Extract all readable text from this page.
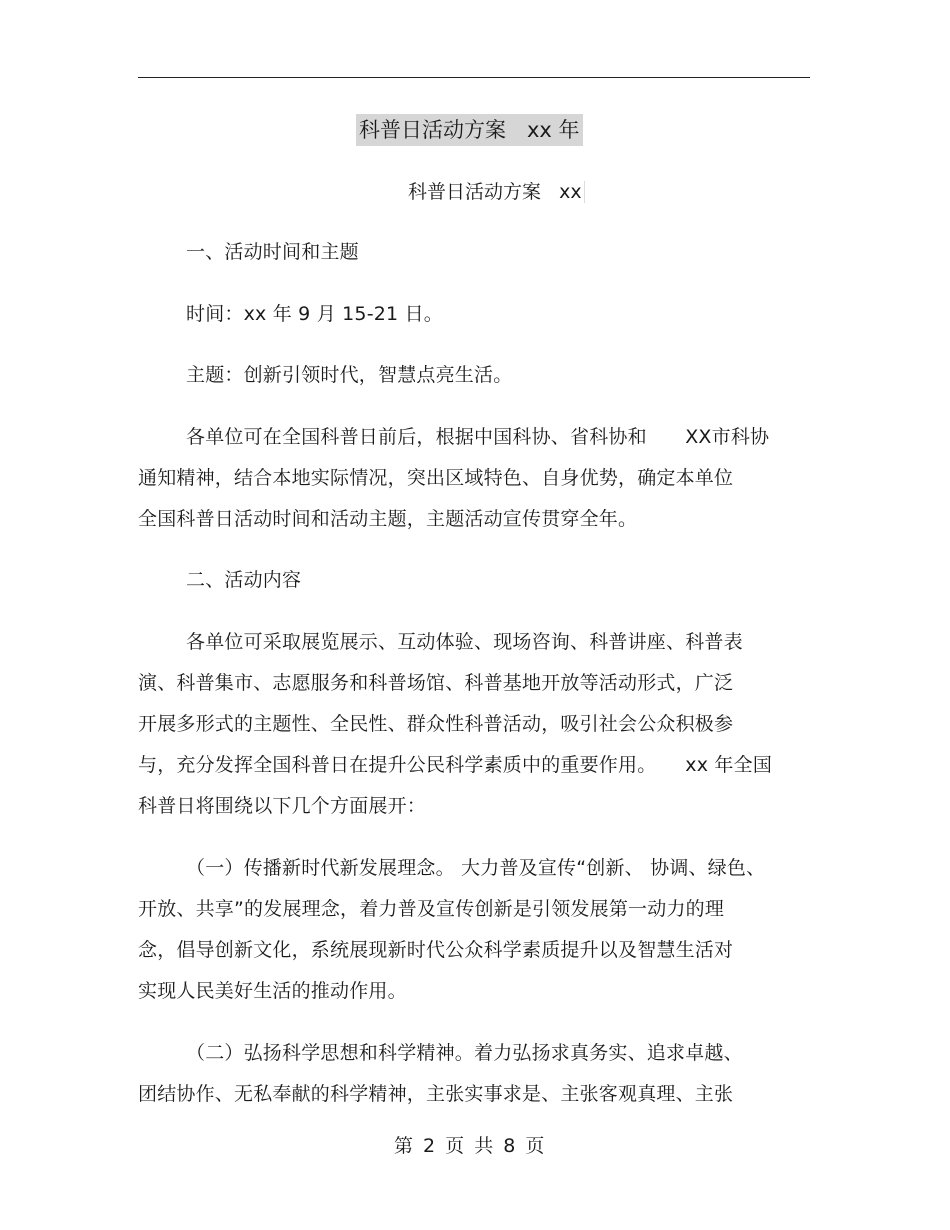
科普日活动方案　xx 年
科普日活动方案 xx
一、活动时间和主题
时间：xx 年 9 月 15-21 日。
主题：创新引领时代，智慧点亮生活。
各单位可在全国科普日前后，根据中国科协、省科协和　　XX市科协
通知精神，结合本地实际情况，突出区域特色、自身优势，确定本单位
全国科普日活动时间和活动主题，主题活动宣传贯穿全年。
二、活动内容
各单位可采取展览展示、互动体验、现场咨询、科普讲座、科普表
演、科普集市、志愿服务和科普场馆、科普基地开放等活动形式，广泛
开展多形式的主题性、全民性、群众性科普活动，吸引社会公众积极参
与，充分发挥全国科普日在提升公民科学素质中的重要作用。　　xx 年全国
科普日将围绕以下几个方面展开：
（一）传播新时代新发展理念。 大力普及宣传“创新、 协调、绿色、
开放、共享”的发展理念，着力普及宣传创新是引领发展第一动力的理
念，倡导创新文化，系统展现新时代公众科学素质提升以及智慧生活对
实现人民美好生活的推动作用。
（二）弘扬科学思想和科学精神。着力弘扬求真务实、追求卓越、
团结协作、无私奉献的科学精神，主张实事求是、主张客观真理、主张
第 2 页 共 8 页
